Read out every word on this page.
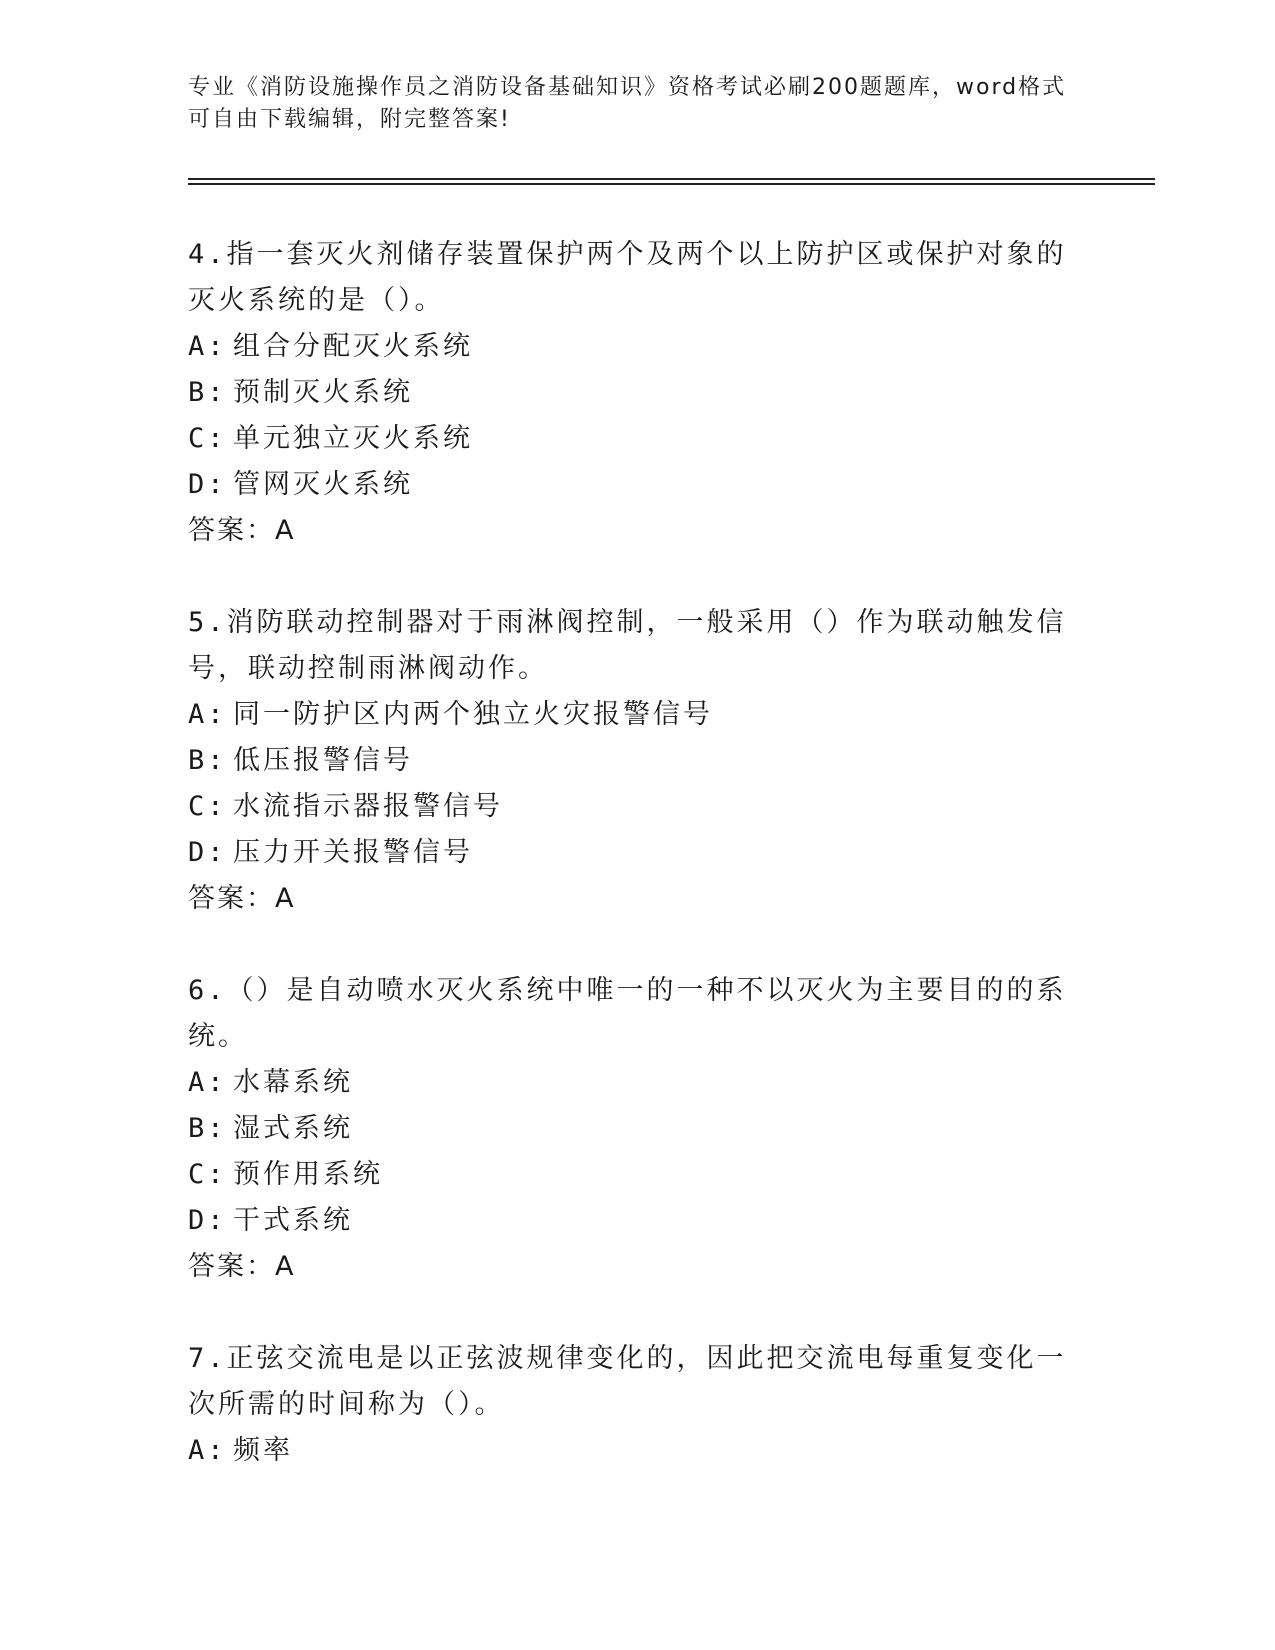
专业《消防设施操作员之消防设备基础知识》资格考试必刷200题题库，word格式可自由下载编辑，附完整答案!

4.指一套灭火剂储存装置保护两个及两个以上防护区或保护对象的灭火系统的是（）。

A: 组合分配灭火系统

B: 预制灭火系统

C: 单元独立灭火系统

D: 管网灭火系统

答案：A

5.消防联动控制器对于雨淋阀控制，一般采用（）作为联动触发信号，联动控制雨淋阀动作。

A: 同一防护区内两个独立火灾报警信号

B: 低压报警信号

C: 水流指示器报警信号

D: 压力开关报警信号

答案：A

6.（）是自动喷水灭火系统中唯一的一种不以灭火为主要目的的系统。

A: 水幕系统

B: 湿式系统

C: 预作用系统

D: 干式系统

答案：A

7.正弦交流电是以正弦波规律变化的，因此把交流电每重复变化一次所需的时间称为（）。

A: 频率
